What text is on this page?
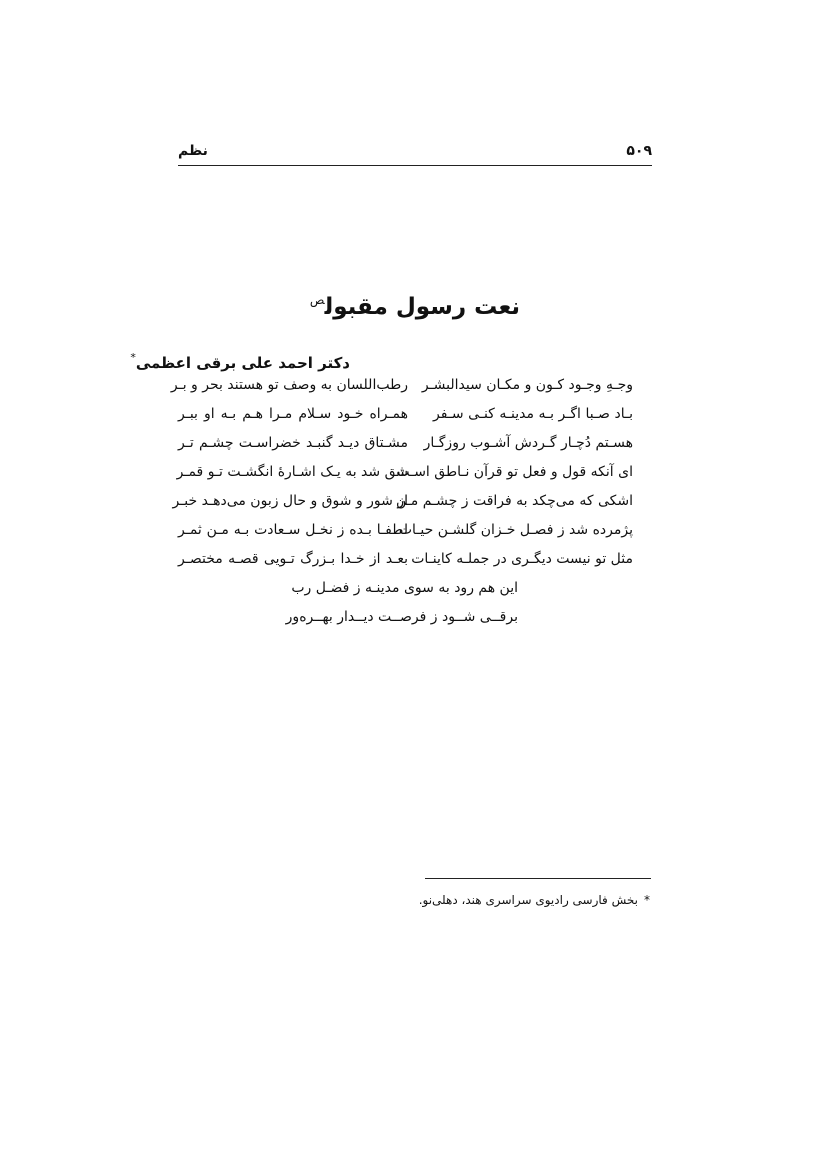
۵۰۹
نظم
نعت رسول مقبول$^ص$
دکتر احمد علی برقی اعظمی*
وجـهِ وجـود کـون و مکـان سیدالبشـر
رطب‌اللسان به وصف تو هستند بحر و بـر
بـاد صـبا اگـر بـه مدینـه کنـی سـفر
همـراه خـود سـلام مـرا هـم بـه او ببـر
هسـتم دُچـار گـردش آشـوب روزگـار
مشـتاق دیـد گنبـد خضراسـت چشـم تـر
ای آنکه قول و فعل تو قرآن نـاطق اسـت
شق شد به یـک اشـارهٔ انگشـت تـو قمـر
اشکی که می‌چکد به فراقت ز چشـم مـن
از شور و شوق و حال زبون می‌دهـد خبـر
پژمرده شد ز فصـل خـزان گلشـن حیـات
لطفـا بـده ز نخـل سـعادت بـه مـن ثمـر
مثل تو نیست دیگـری در جملـه کاینـات
بعـد از خـدا بـزرگ تـویی قصـه مختصـر
این هم رود به سوی مدینـه ز فضـل رب
برقــی شــود ز فرصــت دیــدار بهــره‌ور
*بخش فارسی رادیوی سراسری هند، دهلی‌نو.
